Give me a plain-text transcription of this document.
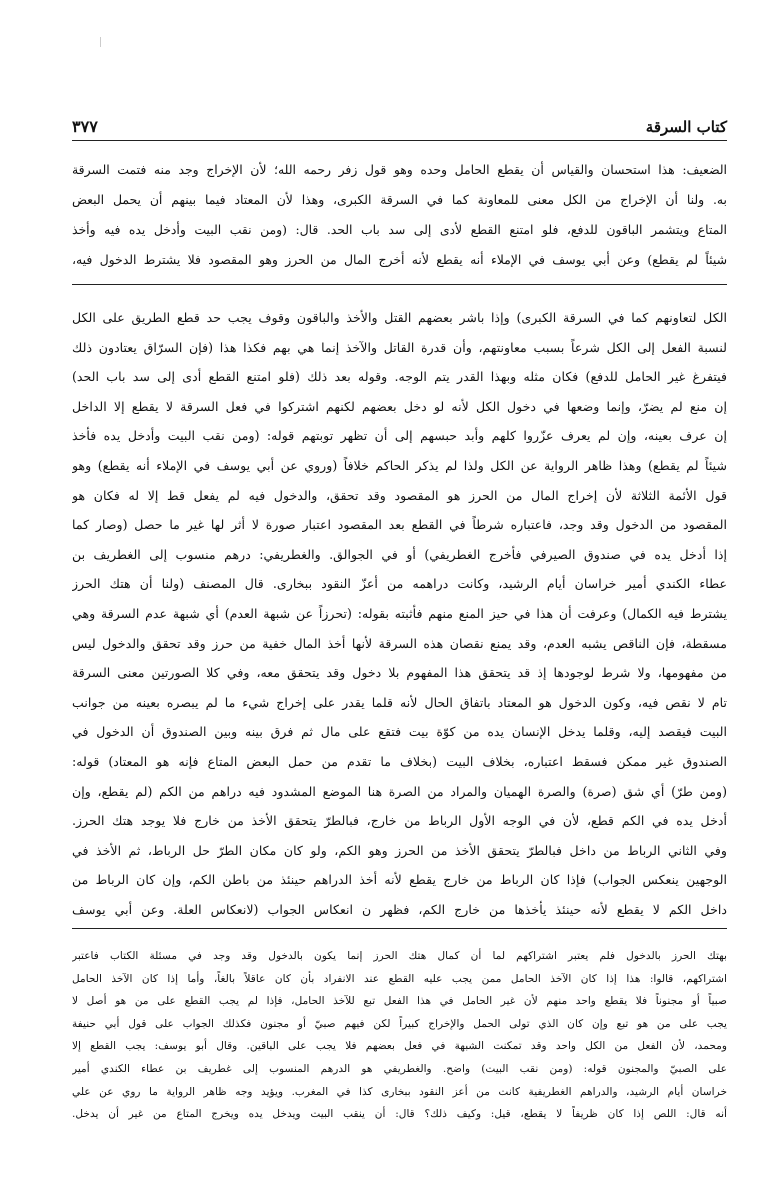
كتاب السرقة
٣٧٧
الضعيف: هذا استحسان والقياس أن يقطع الحامل وحده وهو قول زفر رحمه الله؛ لأن الإخراج وجد منه فتمت السرقة
به. ولنا أن الإخراج من الكل معنى للمعاونة كما في السرقة الكبرى، وهذا لأن المعتاد فيما بينهم أن يحمل البعض
المتاع ويتشمر الباقون للدفع، فلو امتنع القطع لأدى إلى سد باب الحد. قال: (ومن نقب البيت وأدخل يده فيه وأخذ
شيئاً لم يقطع) وعن أبي يوسف في الإملاء أنه يقطع لأنه أخرج المال من الحرز وهو المقصود فلا يشترط الدخول فيه،
الكل لتعاونهم كما في السرقة الكبرى) وإذا باشر بعضهم القتل والأخذ والباقون وقوف يجب حد قطع الطريق على الكل
لنسبة الفعل إلى الكل شرعاً بسبب معاونتهم، وأن قدرة القاتل والآخذ إنما هي بهم فكذا هذا (فإن السرّاق يعتادون ذلك
فيتفرغ غير الحامل للدفع) فكان مثله وبهذا القدر يتم الوجه. وقوله بعد ذلك (فلو امتنع القطع أدى إلى سد باب الحد)
إن منع لم يضرّ، وإنما وضعها في دخول الكل لأنه لو دخل بعضهم لكنهم اشتركوا في فعل السرقة لا يقطع إلا الداخل
إن عرف بعينه، وإن لم يعرف عزّروا كلهم وأبد حبسهم إلى أن تظهر توبتهم قوله: (ومن نقب البيت وأدخل يده فأخذ
شيئاً لم يقطع) وهذا ظاهر الرواية عن الكل ولذا لم يذكر الحاكم خلافاً (وروي عن أبي يوسف في الإملاء أنه يقطع) وهو
قول الأئمة الثلاثة لأن إخراج المال من الحرز هو المقصود وقد تحقق، والدخول فيه لم يفعل قط إلا له فكان هو
المقصود من الدخول وقد وجد، فاعتباره شرطاً في القطع بعد المقصود اعتبار صورة لا أثر لها غير ما حصل (وصار كما
إذا أدخل يده في صندوق الصيرفي فأخرج الغطريفي) أو في الجوالق. والغطريفي: درهم منسوب إلى الغطريف بن
عطاء الكندي أمير خراسان أيام الرشيد، وكانت دراهمه من أعزّ النقود ببخارى. قال المصنف (ولنا أن هتك الحرز
يشترط فيه الكمال) وعرفت أن هذا في حيز المنع منهم فأثبته بقوله: (تحرزاً عن شبهة العدم) أي شبهة عدم السرقة وهي
مسقطة، فإن الناقص يشبه العدم، وقد يمنع نقصان هذه السرقة لأنها أخذ المال خفية من حرز وقد تحقق والدخول ليس
من مفهومها، ولا شرط لوجودها إذ قد يتحقق هذا المفهوم بلا دخول وقد يتحقق معه، وفي كلا الصورتين معنى السرقة
تام لا نقص فيه، وكون الدخول هو المعتاد باتفاق الحال لأنه قلما يقدر على إخراج شيء ما لم يبصره بعينه من جوانب
البيت فيقصد إليه، وقلما يدخل الإنسان يده من كوّة بيت فتقع على مال ثم فرق بينه وبين الصندوق أن الدخول في
الصندوق غير ممكن فسقط اعتباره، بخلاف البيت (بخلاف ما تقدم من حمل البعض المتاع فإنه هو المعتاد) قوله:
(ومن طرّ) أي شق (صرة) والصرة الهميان والمراد من الصرة هنا الموضع المشدود فيه دراهم من الكم (لم يقطع، وإن
أدخل يده في الكم قطع، لأن في الوجه الأول الرباط من خارج، فبالطرّ يتحقق الأخذ من خارج فلا يوجد هتك الحرز.
وفي الثاني الرباط من داخل فبالطرّ يتحقق الأخذ من الحرز وهو الكم، ولو كان مكان الطرّ حل الرباط، ثم الأخذ في
الوجهين ينعكس الجواب) فإذا كان الرباط من خارج يقطع لأنه أخذ الدراهم حينئذ من باطن الكم، وإن كان الرباط من
داخل الكم لا يقطع لأنه حينئذ يأخذها من خارج الكم، فظهر ن انعكاس الجواب (لانعكاس العلة. وعن أبي يوسف
بهتك الحرز بالدخول فلم يعتبر اشتراكهم لما أن كمال هتك الحرز إنما يكون بالدخول وقد وجد في مسئلة الكتاب فاعتبر
اشتراكهم، قالوا: هذا إذا كان الآخذ الحامل ممن يجب عليه القطع عند الانفراد بأن كان عاقلاً بالغاً، وأما إذا كان الآخذ الحامل
صبياً أو مجنوناً فلا يقطع واحد منهم لأن غير الحامل في هذا الفعل تبع للآخذ الحامل، فإذا لم يجب القطع على من هو أصل لا
يجب على من هو تبع وإن كان الذي تولى الحمل والإخراج كبيراً لكن فيهم صبيّ أو مجنون فكذلك الجواب على قول أبي حنيفة
ومحمد، لأن الفعل من الكل واحد وقد تمكنت الشبهة في فعل بعضهم فلا يجب على الباقين. وقال أبو يوسف: يجب القطع إلا
على الصبيّ والمجنون قوله: (ومن نقب البيت) واضح. والغطريفي هو الدرهم المنسوب إلى غطريف بن عطاء الكندي أمير
خراسان أيام الرشيد، والدراهم الغطريفية كانت من أعز النقود ببخارى كذا في المغرب. ويؤيد وجه ظاهر الرواية ما روي عن علي
أنه قال: اللص إذا كان ظريفاً لا يقطع، قيل: وكيف ذلك؟ قال: أن ينقب البيت ويدخل يده ويخرج المتاع من غير أن يدخل.
